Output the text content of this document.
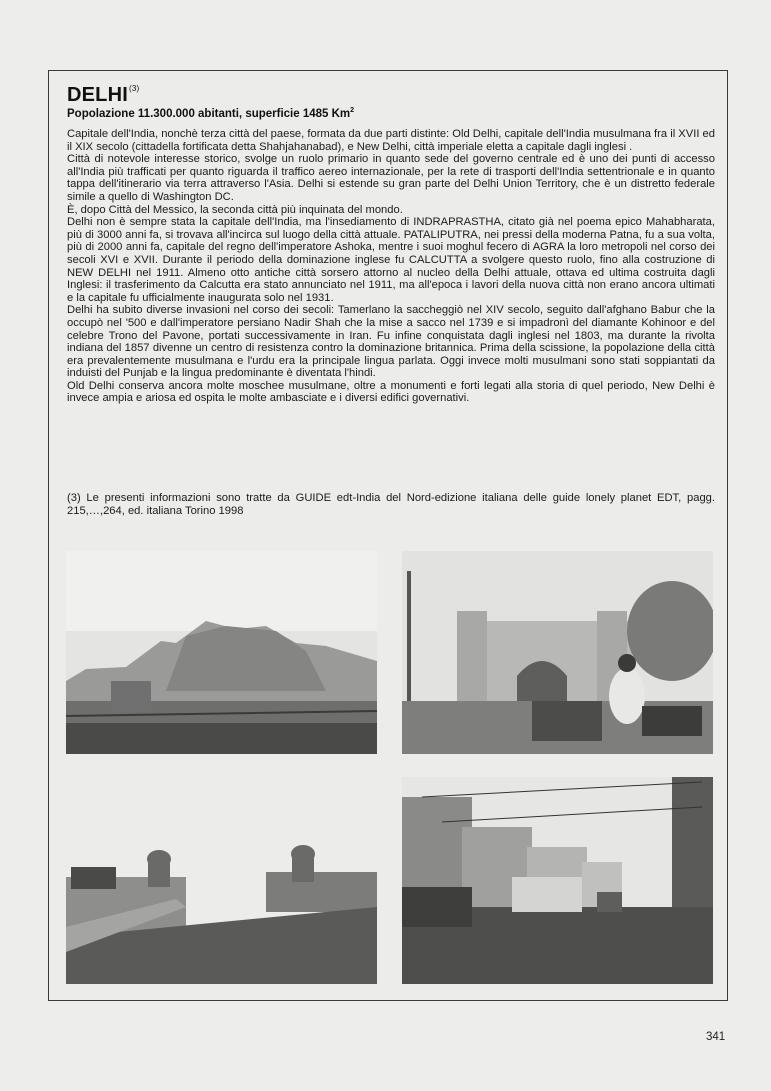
DELHI$^{(3)}$
Popolazione 11.300.000 abitanti, superficie 1485 Km$^2$

Capitale dell'India, nonchè terza città del paese, formata da due parti distinte: Old Delhi, capitale dell'India musulmana fra il XVII ed il XIX secolo (cittadella fortificata detta Shahjahanabad), e New Delhi, città imperiale eletta a capitale dagli inglesi .

Città di notevole interesse storico, svolge un ruolo primario in quanto sede del governo centrale ed è uno dei punti di accesso all'India più trafficati per quanto riguarda il traffico aereo internazionale, per la rete di trasporti dell'India settentrionale e in quanto tappa dell'itinerario via terra attraverso l'Asia. Delhi si estende su gran parte del Delhi Union Territory, che è un distretto federale simile a quello di Washington DC.

È, dopo Città del Messico, la seconda città più inquinata del mondo.

Delhi non è sempre stata la capitale dell'India, ma l'insediamento di INDRAPRASTHA, citato già nel poema epico Mahabharata, più di 3000 anni fa, si trovava all'incirca sul luogo della città attuale. PATALIPUTRA, nei pressi della moderna Patna, fu a sua volta, più di 2000 anni fa, capitale del regno dell'imperatore Ashoka, mentre i suoi moghul fecero di AGRA la loro metropoli nel corso dei secoli XVI e XVII. Durante il periodo della dominazione inglese fu CALCUTTA a svolgere questo ruolo, fino alla costruzione di NEW DELHI nel 1911. Almeno otto antiche città sorsero attorno al nucleo della Delhi attuale, ottava ed ultima costruita dagli Inglesi: il trasferimento da Calcutta era stato annunciato nel 1911, ma all'epoca i lavori della nuova città non erano ancora ultimati e la capitale fu ufficialmente inaugurata solo nel 1931.

Delhi ha subito diverse invasioni nel corso dei secoli: Tamerlano la saccheggiò nel XIV secolo, seguito dall'afghano Babur che la occupò nel '500 e dall'imperatore persiano Nadir Shah che la mise a sacco nel 1739 e si impadronì del diamante Kohinoor e del celebre Trono del Pavone, portati successivamente in Iran. Fu infine conquistata dagli inglesi nel 1803, ma durante la rivolta indiana del 1857 divenne un centro di resistenza contro la dominazione britannica. Prima della scissione, la popolazione della città era prevalentemente musulmana e l'urdu era la principale lingua parlata. Oggi invece molti musulmani sono stati soppiantati da induisti del Punjab e la lingua predominante è diventata l'hindi.

Old Delhi conserva ancora molte moschee musulmane, oltre a monumenti e forti legati alla storia di quel periodo, New Delhi è invece ampia e ariosa ed ospita le molte ambasciate e i diversi edifici governativi.

(3) Le presenti informazioni sono tratte da GUIDE edt-India del Nord-edizione italiana delle guide lonely planet EDT, pagg. 215,…,264, ed. italiana Torino 1998
341
